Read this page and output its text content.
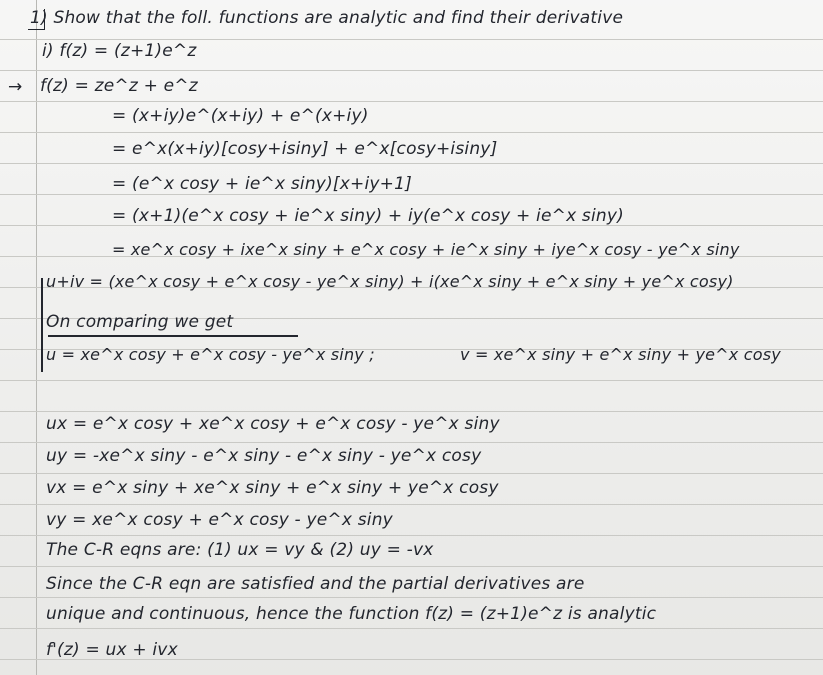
→
1) Show that the foll. functions are analytic and find their derivative
i) f(z) = (z+1)e^z
f(z) = ze^z + e^z
= (x+iy)e^(x+iy) + e^(x+iy)
= e^x(x+iy)[cosy+isiny] + e^x[cosy+isiny]
= (e^x cosy + ie^x siny)[x+iy+1]
= (x+1)(e^x cosy + ie^x siny) + iy(e^x cosy + ie^x siny)
= xe^x cosy + ixe^x siny + e^x cosy + ie^x siny + iye^x cosy - ye^x siny
u+iv = (xe^x cosy + e^x cosy - ye^x siny) + i(xe^x siny + e^x siny + ye^x cosy)
On comparing we get
u = xe^x cosy + e^x cosy - ye^x siny ;	v = xe^x siny + e^x siny + ye^x cosy
ux = e^x cosy + xe^x cosy + e^x cosy - ye^x siny
uy = -xe^x siny - e^x siny - e^x siny - ye^x cosy
vx = e^x siny + xe^x siny + e^x siny + ye^x cosy
vy = xe^x cosy + e^x cosy - ye^x siny
The C-R eqns are: (1) ux = vy & (2) uy = -vx
Since the C-R eqn are satisfied and the partial derivatives are
unique and continuous, hence the function f(z) = (z+1)e^z is analytic
f'(z) = ux + ivx
